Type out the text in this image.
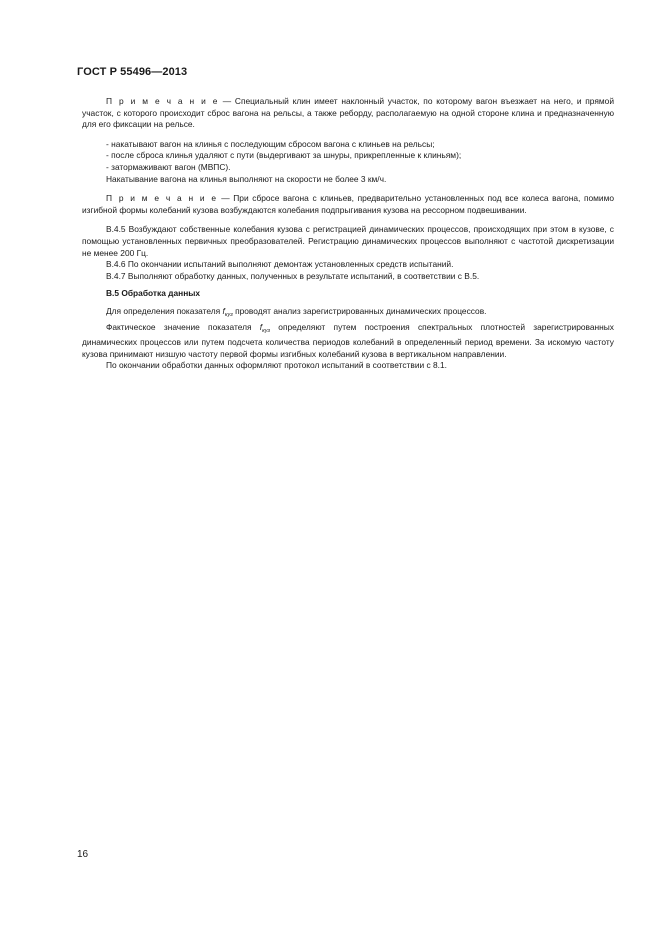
ГОСТ Р 55496—2013

П р и м е ч а н и е — Специальный клин имеет наклонный участок, по которому вагон въезжает на него, и прямой участок, с которого происходит сброс вагона на рельсы, а также реборду, располагаемую на одной стороне клина и предназначенную для его фиксации на рельсе.

- накатывают вагон на клинья с последующим сбросом вагона с клиньев на рельсы;

- после сброса клинья удаляют с пути (выдергивают за шнуры, прикрепленные к клиньям);

- затормаживают вагон (МВПС).

Накатывание вагона на клинья выполняют на скорости не более 3 км/ч.

П р и м е ч а н и е — При сбросе вагона с клиньев, предварительно установленных под все колеса вагона, помимо изгибной формы колебаний кузова возбуждаются колебания подпрыгивания кузова на рессорном подвешивании.

В.4.5 Возбуждают собственные колебания кузова с регистрацией динамических процессов, происходящих при этом в кузове, с помощью установленных первичных преобразователей. Регистрацию динамических процессов выполняют с частотой дискретизации не менее 200 Гц.

В.4.6 По окончании испытаний выполняют демонтаж установленных средств испытаний.

В.4.7 Выполняют обработку данных, полученных в результате испытаний, в соответствии с В.5.

В.5 Обработка данных

Для определения показателя $f_{куз}$ проводят анализ зарегистрированных динамических процессов.

Фактическое значение показателя $f_{куз}$ определяют путем построения спектральных плотностей зарегистрированных динамических процессов или путем подсчета количества периодов колебаний в определенный период времени. За искомую частоту кузова принимают низшую частоту первой формы изгибных колебаний кузова в вертикальном направлении.

По окончании обработки данных оформляют протокол испытаний в соответствии с 8.1.

16
